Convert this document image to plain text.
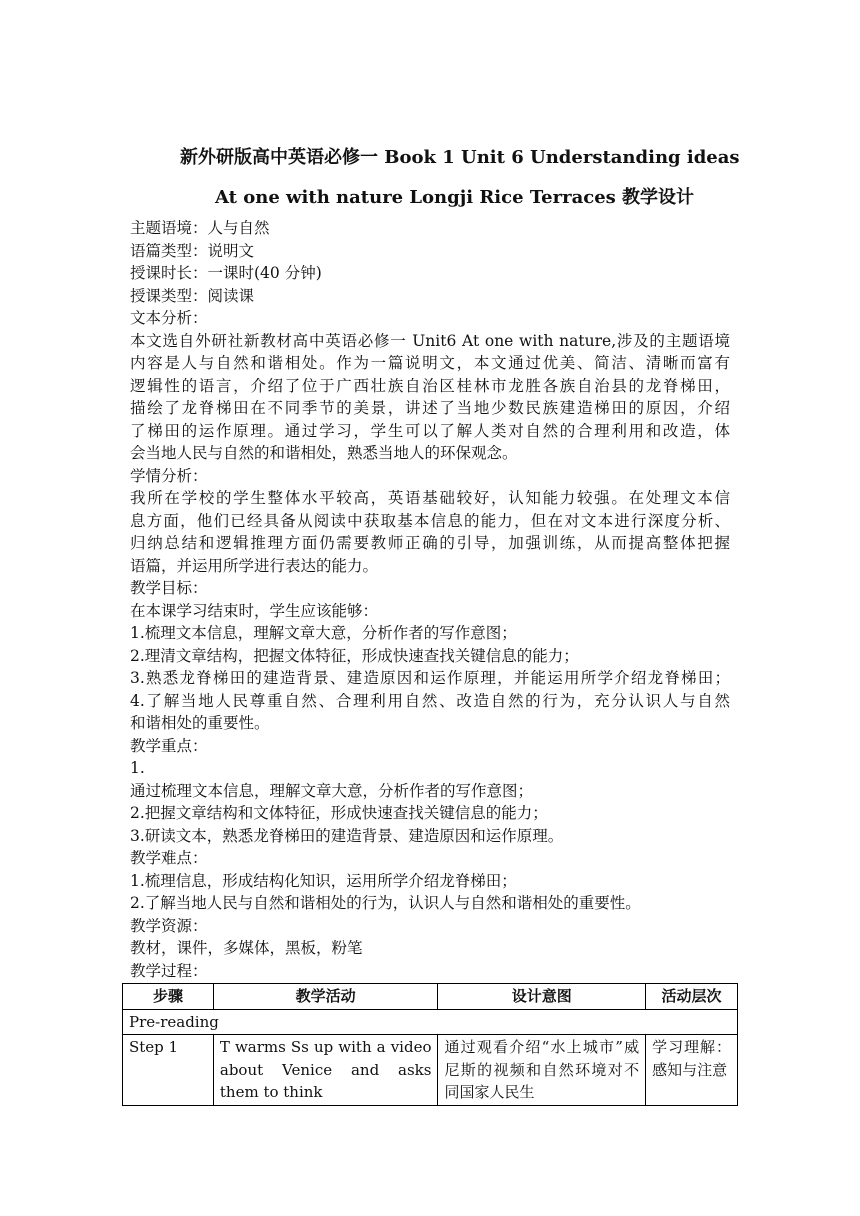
新外研版高中英语必修一 Book 1 Unit 6 Understanding ideas
At one with nature Longji Rice Terraces 教学设计
主题语境：人与自然
语篇类型：说明文
授课时长：一课时(40 分钟)
授课类型：阅读课
文本分析：
本文选自外研社新教材高中英语必修一 Unit6 At one with nature,涉及的主题语境
内容是人与自然和谐相处。作为一篇说明文，本文通过优美、简洁、清晰而富有
逻辑性的语言，介绍了位于广西壮族自治区桂林市龙胜各族自治县的龙脊梯田，
描绘了龙脊梯田在不同季节的美景，讲述了当地少数民族建造梯田的原因，介绍
了梯田的运作原理。通过学习，学生可以了解人类对自然的合理利用和改造，体
会当地人民与自然的和谐相处，熟悉当地人的环保观念。
学情分析：
我所在学校的学生整体水平较高，英语基础较好，认知能力较强。在处理文本信
息方面，他们已经具备从阅读中获取基本信息的能力，但在对文本进行深度分析、
归纳总结和逻辑推理方面仍需要教师正确的引导，加强训练，从而提高整体把握
语篇，并运用所学进行表达的能力。
教学目标：
在本课学习结束时，学生应该能够：
1.梳理文本信息，理解文章大意，分析作者的写作意图；
2.理清文章结构，把握文体特征，形成快速查找关键信息的能力；
3.熟悉龙脊梯田的建造背景、建造原因和运作原理，并能运用所学介绍龙脊梯田；
4.了解当地人民尊重自然、合理利用自然、改造自然的行为，充分认识人与自然
和谐相处的重要性。
教学重点：
1.
通过梳理文本信息，理解文章大意，分析作者的写作意图；
2.把握文章结构和文体特征，形成快速查找关键信息的能力；
3.研读文本，熟悉龙脊梯田的建造背景、建造原因和运作原理。
教学难点：
1.梳理信息，形成结构化知识，运用所学介绍龙脊梯田；
2.了解当地人民与自然和谐相处的行为，认识人与自然和谐相处的重要性。
教学资源：
教材，课件，多媒体，黑板，粉笔
教学过程：
步骤	教学活动	设计意图	活动层次
Pre-reading			
Step 1	T warms Ss up with a video about Venice and asks them to think	通过观看介绍“水上城市”威尼斯的视频和自然环境对不同国家人民生	学习理解：感知与注意
